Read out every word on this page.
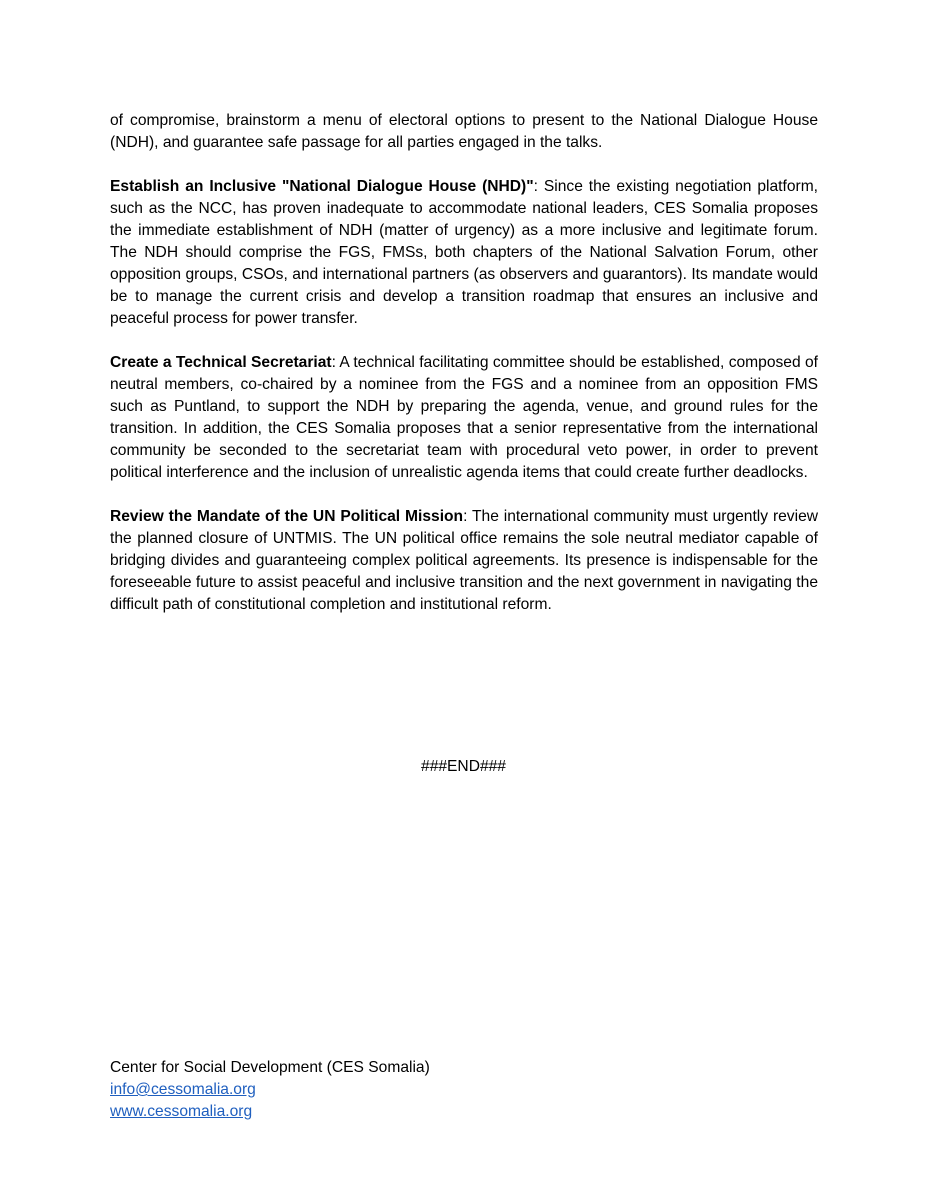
of compromise, brainstorm a menu of electoral options to present to the National Dialogue House (NDH), and guarantee safe passage for all parties engaged in the talks.

Establish an Inclusive "National Dialogue House (NHD)": Since the existing negotiation platform, such as the NCC, has proven inadequate to accommodate national leaders, CES Somalia proposes the immediate establishment of NDH (matter of urgency) as a more inclusive and legitimate forum. The NDH should comprise the FGS, FMSs, both chapters of the National Salvation Forum, other opposition groups, CSOs, and international partners (as observers and guarantors). Its mandate would be to manage the current crisis and develop a transition roadmap that ensures an inclusive and peaceful process for power transfer.

Create a Technical Secretariat: A technical facilitating committee should be established, composed of neutral members, co-chaired by a nominee from the FGS and a nominee from an opposition FMS such as Puntland, to support the NDH by preparing the agenda, venue, and ground rules for the transition. In addition, the CES Somalia proposes that a senior representative from the international community be seconded to the secretariat team with procedural veto power, in order to prevent political interference and the inclusion of unrealistic agenda items that could create further deadlocks.

Review the Mandate of the UN Political Mission: The international community must urgently review the planned closure of UNTMIS. The UN political office remains the sole neutral mediator capable of bridging divides and guaranteeing complex political agreements. Its presence is indispensable for the foreseeable future to assist peaceful and inclusive transition and the next government in navigating the difficult path of constitutional completion and institutional reform.

###END###
Center for Social Development (CES Somalia)
info@cessomalia.org
www.cessomalia.org
